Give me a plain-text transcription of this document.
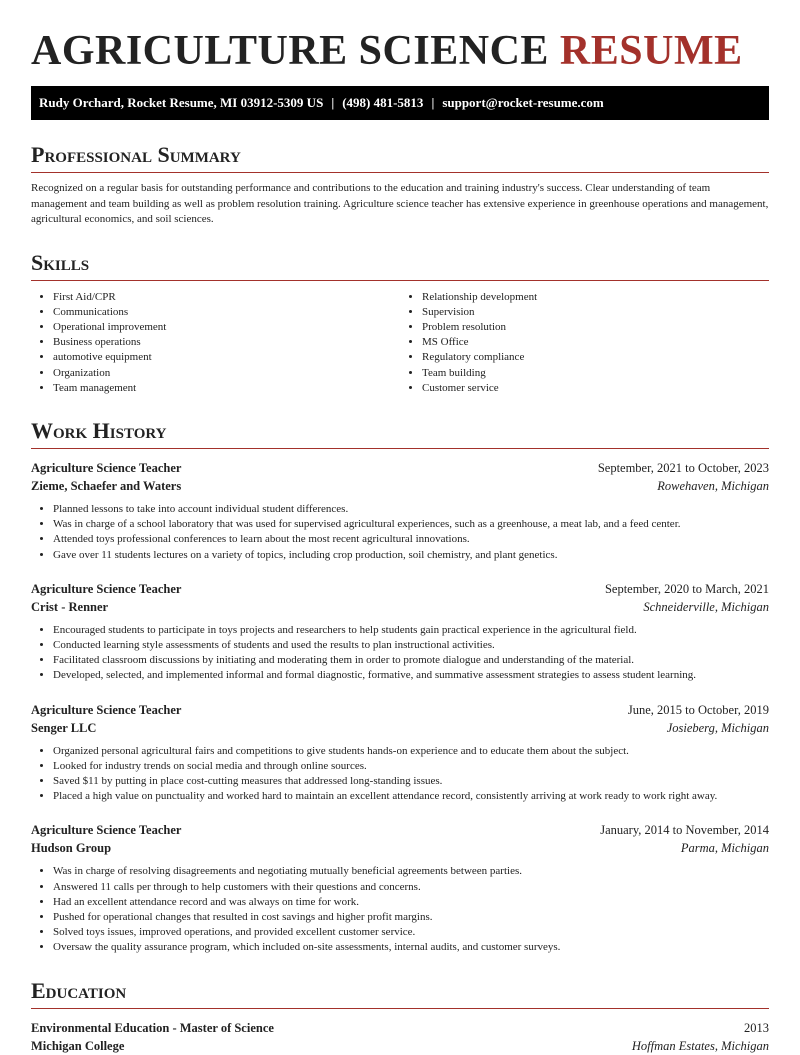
AGRICULTURE SCIENCE RESUME
Rudy Orchard, Rocket Resume, MI 03912-5309 US | (498) 481-5813 | support@rocket-resume.com
Professional Summary

Recognized on a regular basis for outstanding performance and contributions to the education and training industry's success. Clear understanding of team management and team building as well as problem resolution training. Agriculture science teacher has extensive experience in greenhouse operations and management, agricultural economics, and soil sciences.

Skills
• First Aid/CPR
• Communications
• Operational improvement
• Business operations
• automotive equipment
• Organization
• Team management
• Relationship development
• Supervision
• Problem resolution
• MS Office
• Regulatory compliance
• Team building
• Customer service
Work History
Agriculture Science Teacher	September, 2021 to October, 2023
Zieme, Schaefer and Waters	Rowehaven, Michigan
• Planned lessons to take into account individual student differences.
• Was in charge of a school laboratory that was used for supervised agricultural experiences, such as a greenhouse, a meat lab, and a feed center.
• Attended toys professional conferences to learn about the most recent agricultural innovations.
• Gave over 11 students lectures on a variety of topics, including crop production, soil chemistry, and plant genetics.
Agriculture Science Teacher	September, 2020 to March, 2021
Crist - Renner	Schneiderville, Michigan
• Encouraged students to participate in toys projects and researchers to help students gain practical experience in the agricultural field.
• Conducted learning style assessments of students and used the results to plan instructional activities.
• Facilitated classroom discussions by initiating and moderating them in order to promote dialogue and understanding of the material.
• Developed, selected, and implemented informal and formal diagnostic, formative, and summative assessment strategies to assess student learning.
Agriculture Science Teacher	June, 2015 to October, 2019
Senger LLC	Josieberg, Michigan
• Organized personal agricultural fairs and competitions to give students hands-on experience and to educate them about the subject.
• Looked for industry trends on social media and through online sources.
• Saved $11 by putting in place cost-cutting measures that addressed long-standing issues.
• Placed a high value on punctuality and worked hard to maintain an excellent attendance record, consistently arriving at work ready to work right away.
Agriculture Science Teacher	January, 2014 to November, 2014
Hudson Group	Parma, Michigan
• Was in charge of resolving disagreements and negotiating mutually beneficial agreements between parties.
• Answered 11 calls per through to help customers with their questions and concerns.
• Had an excellent attendance record and was always on time for work.
• Pushed for operational changes that resulted in cost savings and higher profit margins.
• Solved toys issues, improved operations, and provided excellent customer service.
• Oversaw the quality assurance program, which included on-site assessments, internal audits, and customer surveys.
Education
Environmental Education - Master of Science	2013
Michigan College	Hoffman Estates, Michigan
